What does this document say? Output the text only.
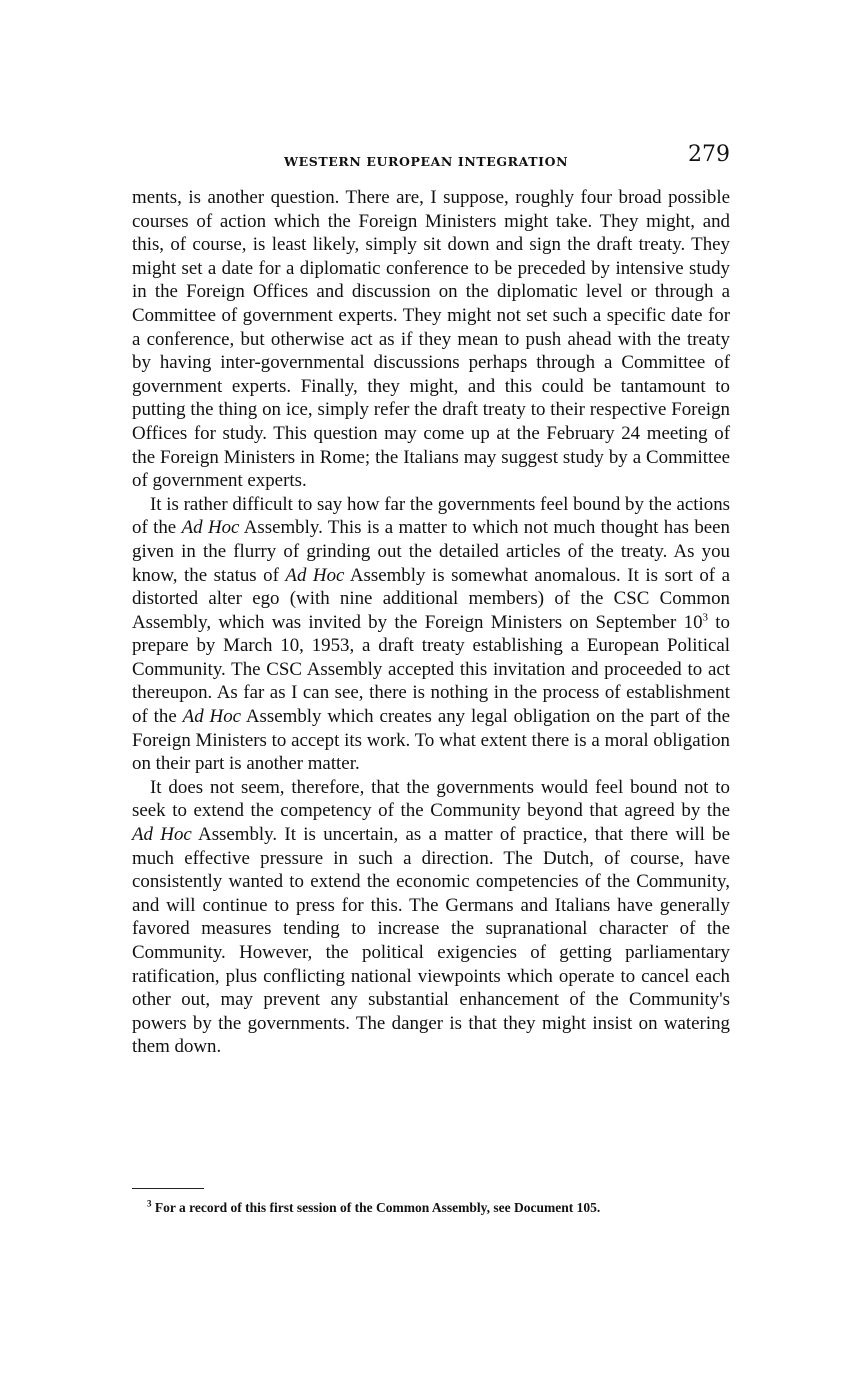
WESTERN EUROPEAN INTEGRATION	279

ments, is another question. There are, I suppose, roughly four broad possible courses of action which the Foreign Ministers might take. They might, and this, of course, is least likely, simply sit down and sign the draft treaty. They might set a date for a diplomatic conference to be preceded by intensive study in the Foreign Offices and discussion on the diplomatic level or through a Committee of government experts. They might not set such a specific date for a conference, but otherwise act as if they mean to push ahead with the treaty by having inter-governmental discussions perhaps through a Committee of government experts. Finally, they might, and this could be tantamount to putting the thing on ice, simply refer the draft treaty to their respective Foreign Offices for study. This question may come up at the February 24 meeting of the Foreign Ministers in Rome; the Italians may suggest study by a Committee of government experts.

It is rather difficult to say how far the governments feel bound by the actions of the Ad Hoc Assembly. This is a matter to which not much thought has been given in the flurry of grinding out the detailed articles of the treaty. As you know, the status of Ad Hoc Assembly is somewhat anomalous. It is sort of a distorted alter ego (with nine additional members) of the CSC Common Assembly, which was invited by the Foreign Ministers on September $10^3$ to prepare by March 10, 1953, a draft treaty establishing a European Political Community. The CSC Assembly accepted this invitation and proceeded to act thereupon. As far as I can see, there is nothing in the process of establishment of the Ad Hoc Assembly which creates any legal obligation on the part of the Foreign Ministers to accept its work. To what extent there is a moral obligation on their part is another matter.

It does not seem, therefore, that the governments would feel bound not to seek to extend the competency of the Community beyond that agreed by the Ad Hoc Assembly. It is uncertain, as a matter of practice, that there will be much effective pressure in such a direction. The Dutch, of course, have consistently wanted to extend the economic competencies of the Community, and will continue to press for this. The Germans and Italians have generally favored measures tending to increase the supranational character of the Community. However, the political exigencies of getting parliamentary ratification, plus conflicting national viewpoints which operate to cancel each other out, may prevent any substantial enhancement of the Community's powers by the governments. The danger is that they might insist on watering them down.

$^3$ For a record of this first session of the Common Assembly, see Document 105.
